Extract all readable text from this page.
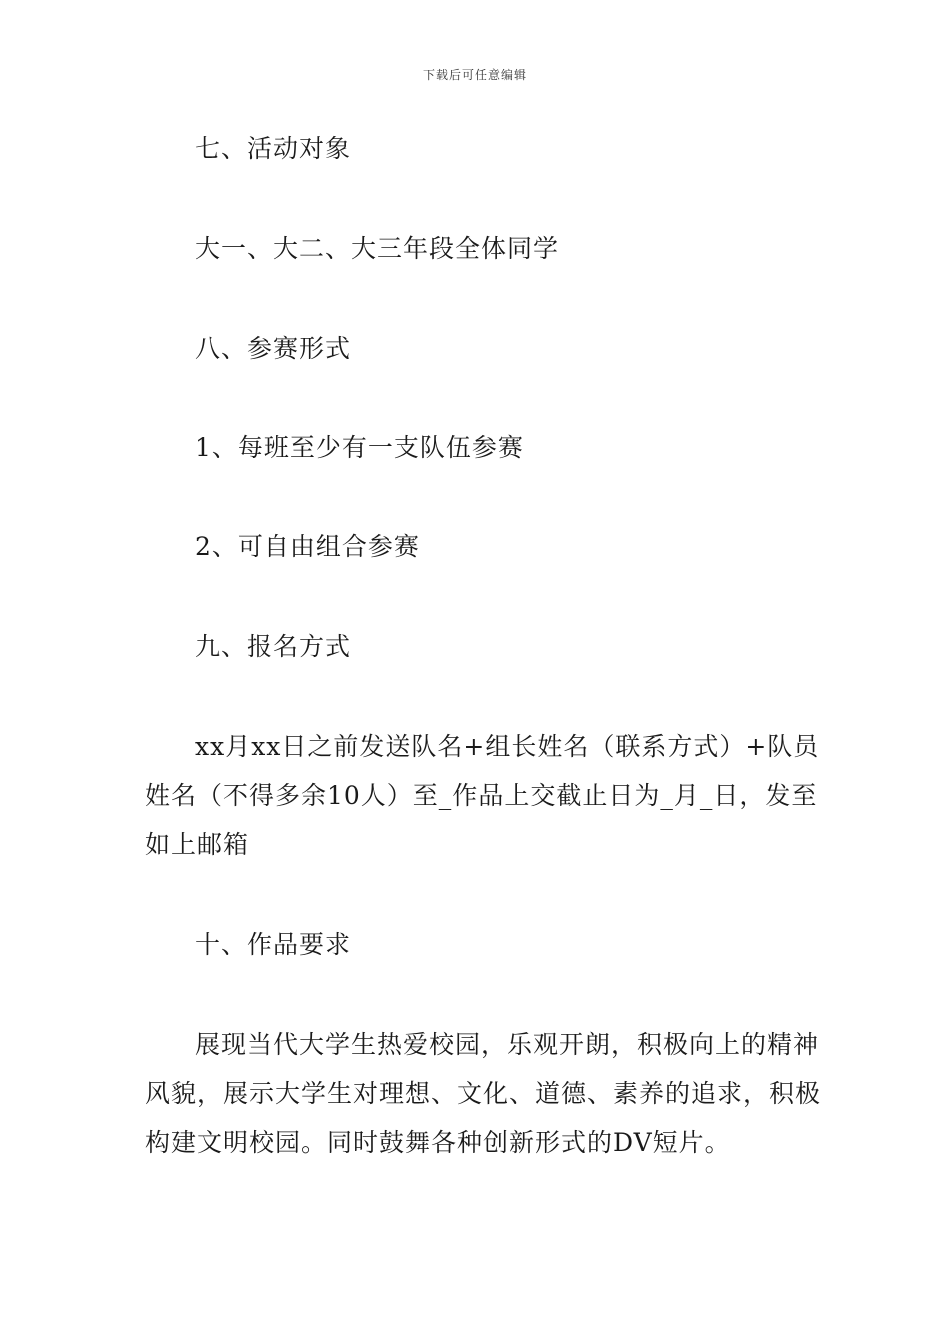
下载后可任意编辑
七、活动对象
大一、大二、大三年段全体同学
八、参赛形式
1、每班至少有一支队伍参赛
2、可自由组合参赛
九、报名方式
xx月xx日之前发送队名+组长姓名（联系方式）+队员姓名（不得多余10人）至_作品上交截止日为_月_日，发至如上邮箱
十、作品要求
展现当代大学生热爱校园，乐观开朗，积极向上的精神风貌，展示大学生对理想、文化、道德、素养的追求，积极构建文明校园。同时鼓舞各种创新形式的DV短片。
